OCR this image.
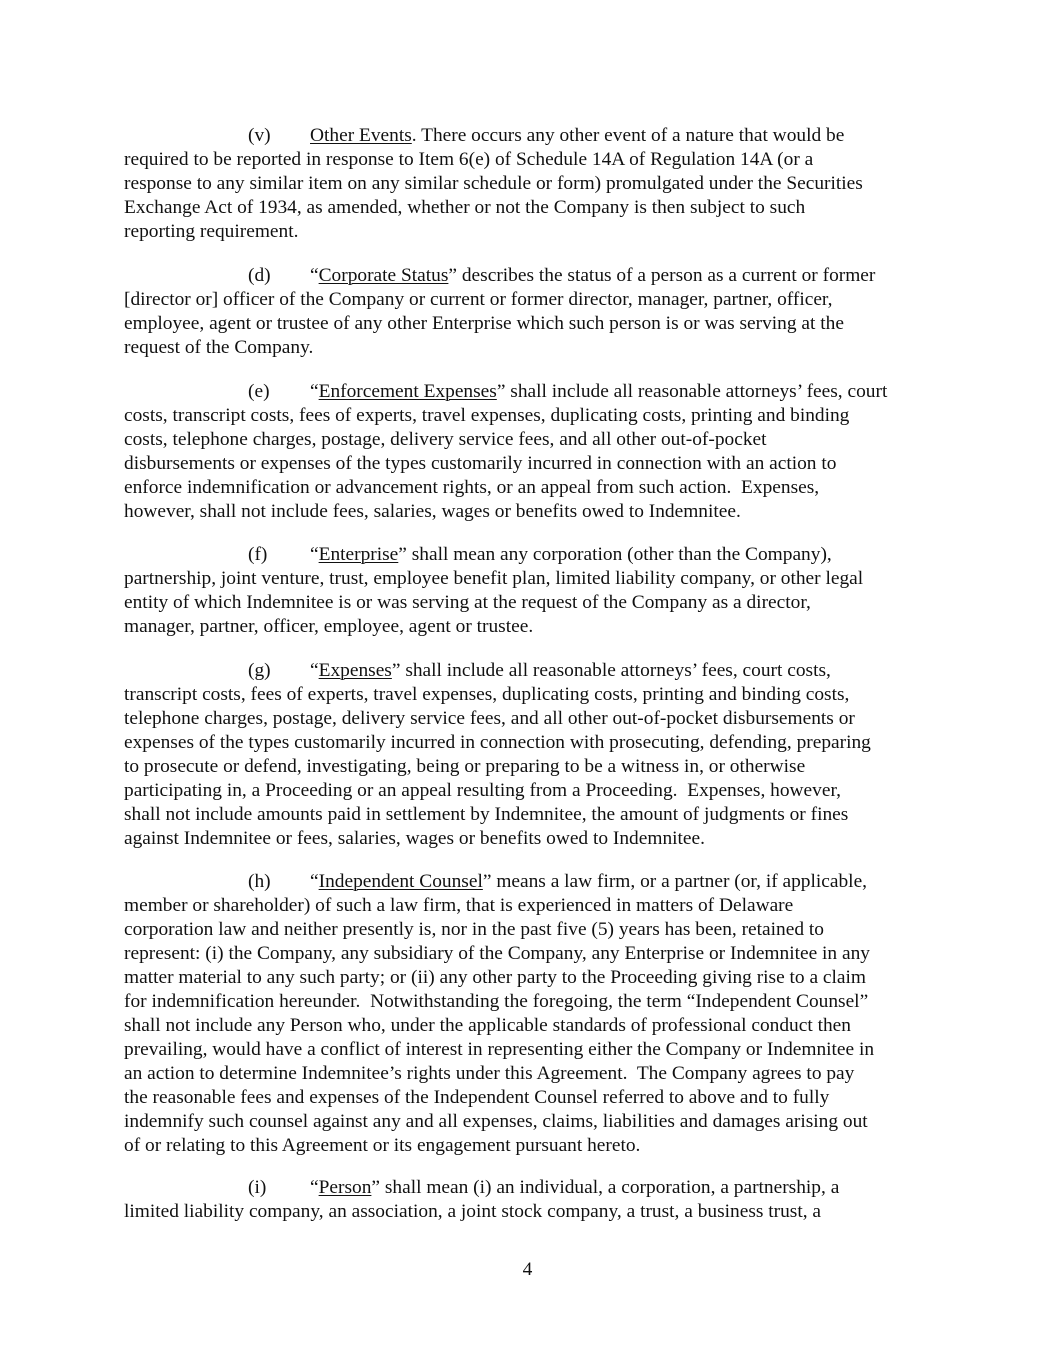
(v) Other Events. There occurs any other event of a nature that would be
required to be reported in response to Item 6(e) of Schedule 14A of Regulation 14A (or a
response to any similar item on any similar schedule or form) promulgated under the Securities
Exchange Act of 1934, as amended, whether or not the Company is then subject to such
reporting requirement.
(d) “Corporate Status” describes the status of a person as a current or former
[director or] officer of the Company or current or former director, manager, partner, officer,
employee, agent or trustee of any other Enterprise which such person is or was serving at the
request of the Company.
(e) “Enforcement Expenses” shall include all reasonable attorneys’ fees, court
costs, transcript costs, fees of experts, travel expenses, duplicating costs, printing and binding
costs, telephone charges, postage, delivery service fees, and all other out-of-pocket
disbursements or expenses of the types customarily incurred in connection with an action to
enforce indemnification or advancement rights, or an appeal from such action.  Expenses,
however, shall not include fees, salaries, wages or benefits owed to Indemnitee.
(f) “Enterprise” shall mean any corporation (other than the Company),
partnership, joint venture, trust, employee benefit plan, limited liability company, or other legal
entity of which Indemnitee is or was serving at the request of the Company as a director,
manager, partner, officer, employee, agent or trustee.
(g) “Expenses” shall include all reasonable attorneys’ fees, court costs,
transcript costs, fees of experts, travel expenses, duplicating costs, printing and binding costs,
telephone charges, postage, delivery service fees, and all other out-of-pocket disbursements or
expenses of the types customarily incurred in connection with prosecuting, defending, preparing
to prosecute or defend, investigating, being or preparing to be a witness in, or otherwise
participating in, a Proceeding or an appeal resulting from a Proceeding.  Expenses, however,
shall not include amounts paid in settlement by Indemnitee, the amount of judgments or fines
against Indemnitee or fees, salaries, wages or benefits owed to Indemnitee.
(h) “Independent Counsel” means a law firm, or a partner (or, if applicable,
member or shareholder) of such a law firm, that is experienced in matters of Delaware
corporation law and neither presently is, nor in the past five (5) years has been, retained to
represent: (i) the Company, any subsidiary of the Company, any Enterprise or Indemnitee in any
matter material to any such party; or (ii) any other party to the Proceeding giving rise to a claim
for indemnification hereunder.  Notwithstanding the foregoing, the term “Independent Counsel”
shall not include any Person who, under the applicable standards of professional conduct then
prevailing, would have a conflict of interest in representing either the Company or Indemnitee in
an action to determine Indemnitee’s rights under this Agreement.  The Company agrees to pay
the reasonable fees and expenses of the Independent Counsel referred to above and to fully
indemnify such counsel against any and all expenses, claims, liabilities and damages arising out
of or relating to this Agreement or its engagement pursuant hereto.
(i) “Person” shall mean (i) an individual, a corporation, a partnership, a
limited liability company, an association, a joint stock company, a trust, a business trust, a

4
